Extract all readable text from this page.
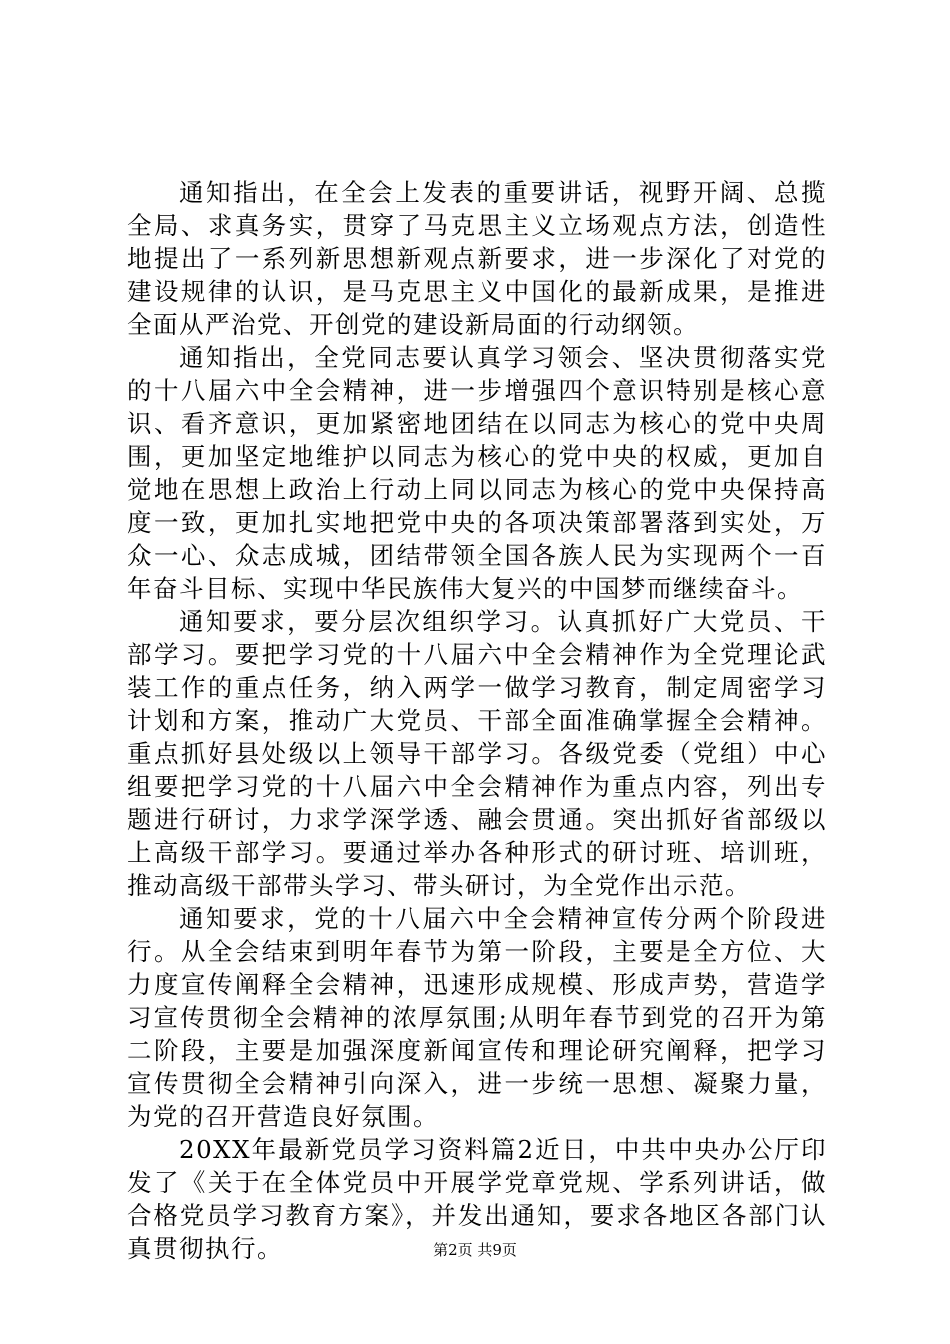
通知指出，在全会上发表的重要讲话，视野开阔、总揽全局、求真务实，贯穿了马克思主义立场观点方法，创造性地提出了一系列新思想新观点新要求，进一步深化了对党的建设规律的认识，是马克思主义中国化的最新成果，是推进全面从严治党、开创党的建设新局面的行动纲领。

通知指出，全党同志要认真学习领会、坚决贯彻落实党的十八届六中全会精神，进一步增强四个意识特别是核心意识、看齐意识，更加紧密地团结在以同志为核心的党中央周围，更加坚定地维护以同志为核心的党中央的权威，更加自觉地在思想上政治上行动上同以同志为核心的党中央保持高度一致，更加扎实地把党中央的各项决策部署落到实处，万众一心、众志成城，团结带领全国各族人民为实现两个一百年奋斗目标、实现中华民族伟大复兴的中国梦而继续奋斗。

通知要求，要分层次组织学习。认真抓好广大党员、干部学习。要把学习党的十八届六中全会精神作为全党理论武装工作的重点任务，纳入两学一做学习教育，制定周密学习计划和方案，推动广大党员、干部全面准确掌握全会精神。重点抓好县处级以上领导干部学习。各级党委（党组）中心组要把学习党的十八届六中全会精神作为重点内容，列出专题进行研讨，力求学深学透、融会贯通。突出抓好省部级以上高级干部学习。要通过举办各种形式的研讨班、培训班，推动高级干部带头学习、带头研讨，为全党作出示范。

通知要求，党的十八届六中全会精神宣传分两个阶段进行。从全会结束到明年春节为第一阶段，主要是全方位、大力度宣传阐释全会精神，迅速形成规模、形成声势，营造学习宣传贯彻全会精神的浓厚氛围;从明年春节到党的召开为第二阶段，主要是加强深度新闻宣传和理论研究阐释，把学习宣传贯彻全会精神引向深入，进一步统一思想、凝聚力量，为党的召开营造良好氛围。

20XX年最新党员学习资料篇2近日，中共中央办公厅印发了《关于在全体党员中开展学党章党规、学系列讲话，做合格党员学习教育方案》，并发出通知，要求各地区各部门认真贯彻执行。	第2页 共9页
